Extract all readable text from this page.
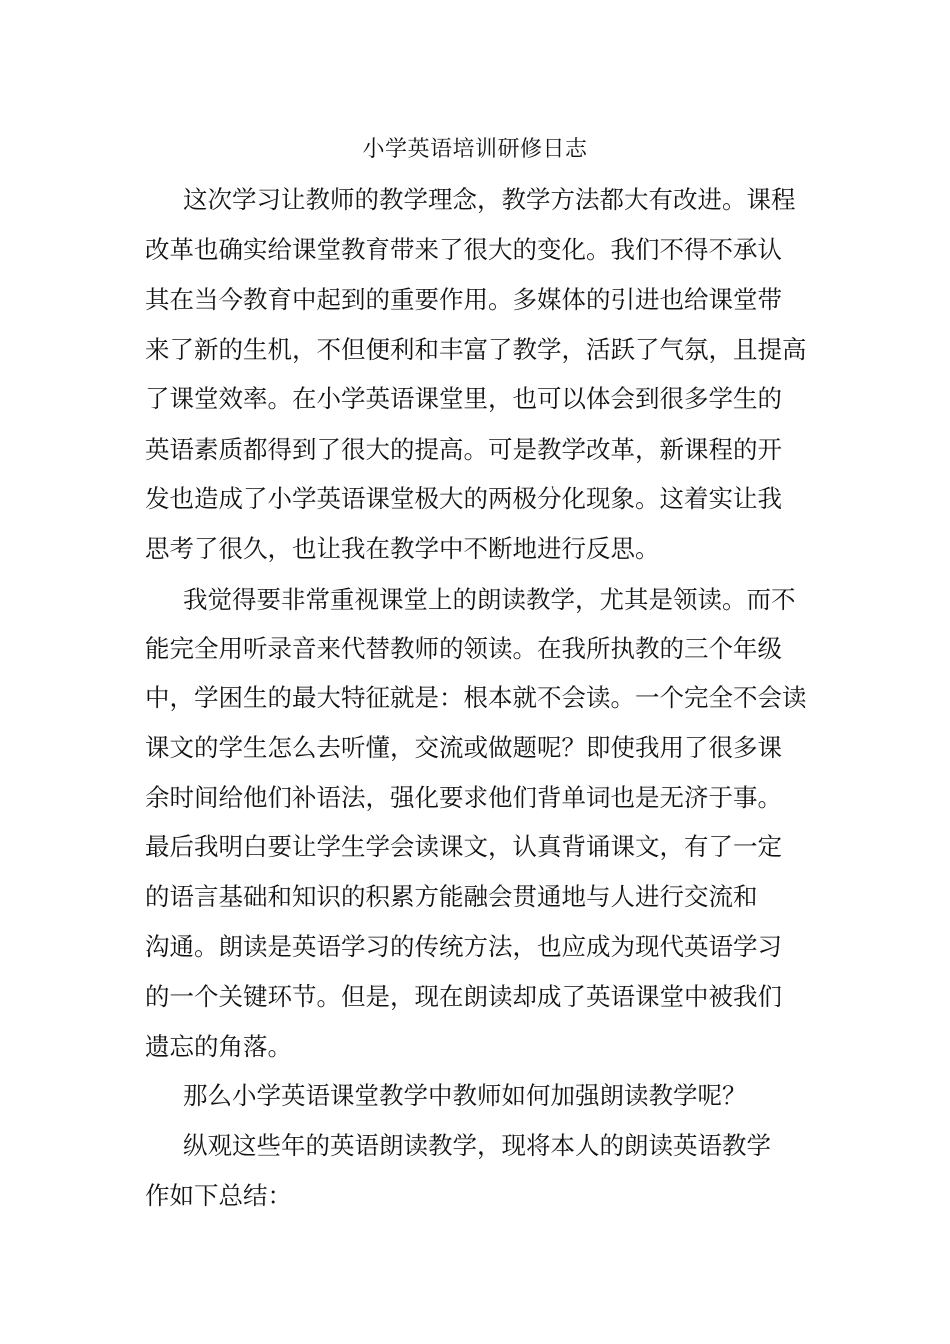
小学英语培训研修日志
这次学习让教师的教学理念，教学方法都大有改进。课程
改革也确实给课堂教育带来了很大的变化。我们不得不承认
其在当今教育中起到的重要作用。多媒体的引进也给课堂带
来了新的生机，不但便利和丰富了教学，活跃了气氛，且提高
了课堂效率。在小学英语课堂里，也可以体会到很多学生的
英语素质都得到了很大的提高。可是教学改革，新课程的开
发也造成了小学英语课堂极大的两极分化现象。这着实让我
思考了很久，也让我在教学中不断地进行反思。
我觉得要非常重视课堂上的朗读教学，尤其是领读。而不
能完全用听录音来代替教师的领读。在我所执教的三个年级
中，学困生的最大特征就是：根本就不会读。一个完全不会读
课文的学生怎么去听懂，交流或做题呢？即使我用了很多课
余时间给他们补语法，强化要求他们背单词也是无济于事。
最后我明白要让学生学会读课文，认真背诵课文，有了一定
的语言基础和知识的积累方能融会贯通地与人进行交流和
沟通。朗读是英语学习的传统方法，也应成为现代英语学习
的一个关键环节。但是，现在朗读却成了英语课堂中被我们
遗忘的角落。
那么小学英语课堂教学中教师如何加强朗读教学呢？
纵观这些年的英语朗读教学，现将本人的朗读英语教学
作如下总结：
